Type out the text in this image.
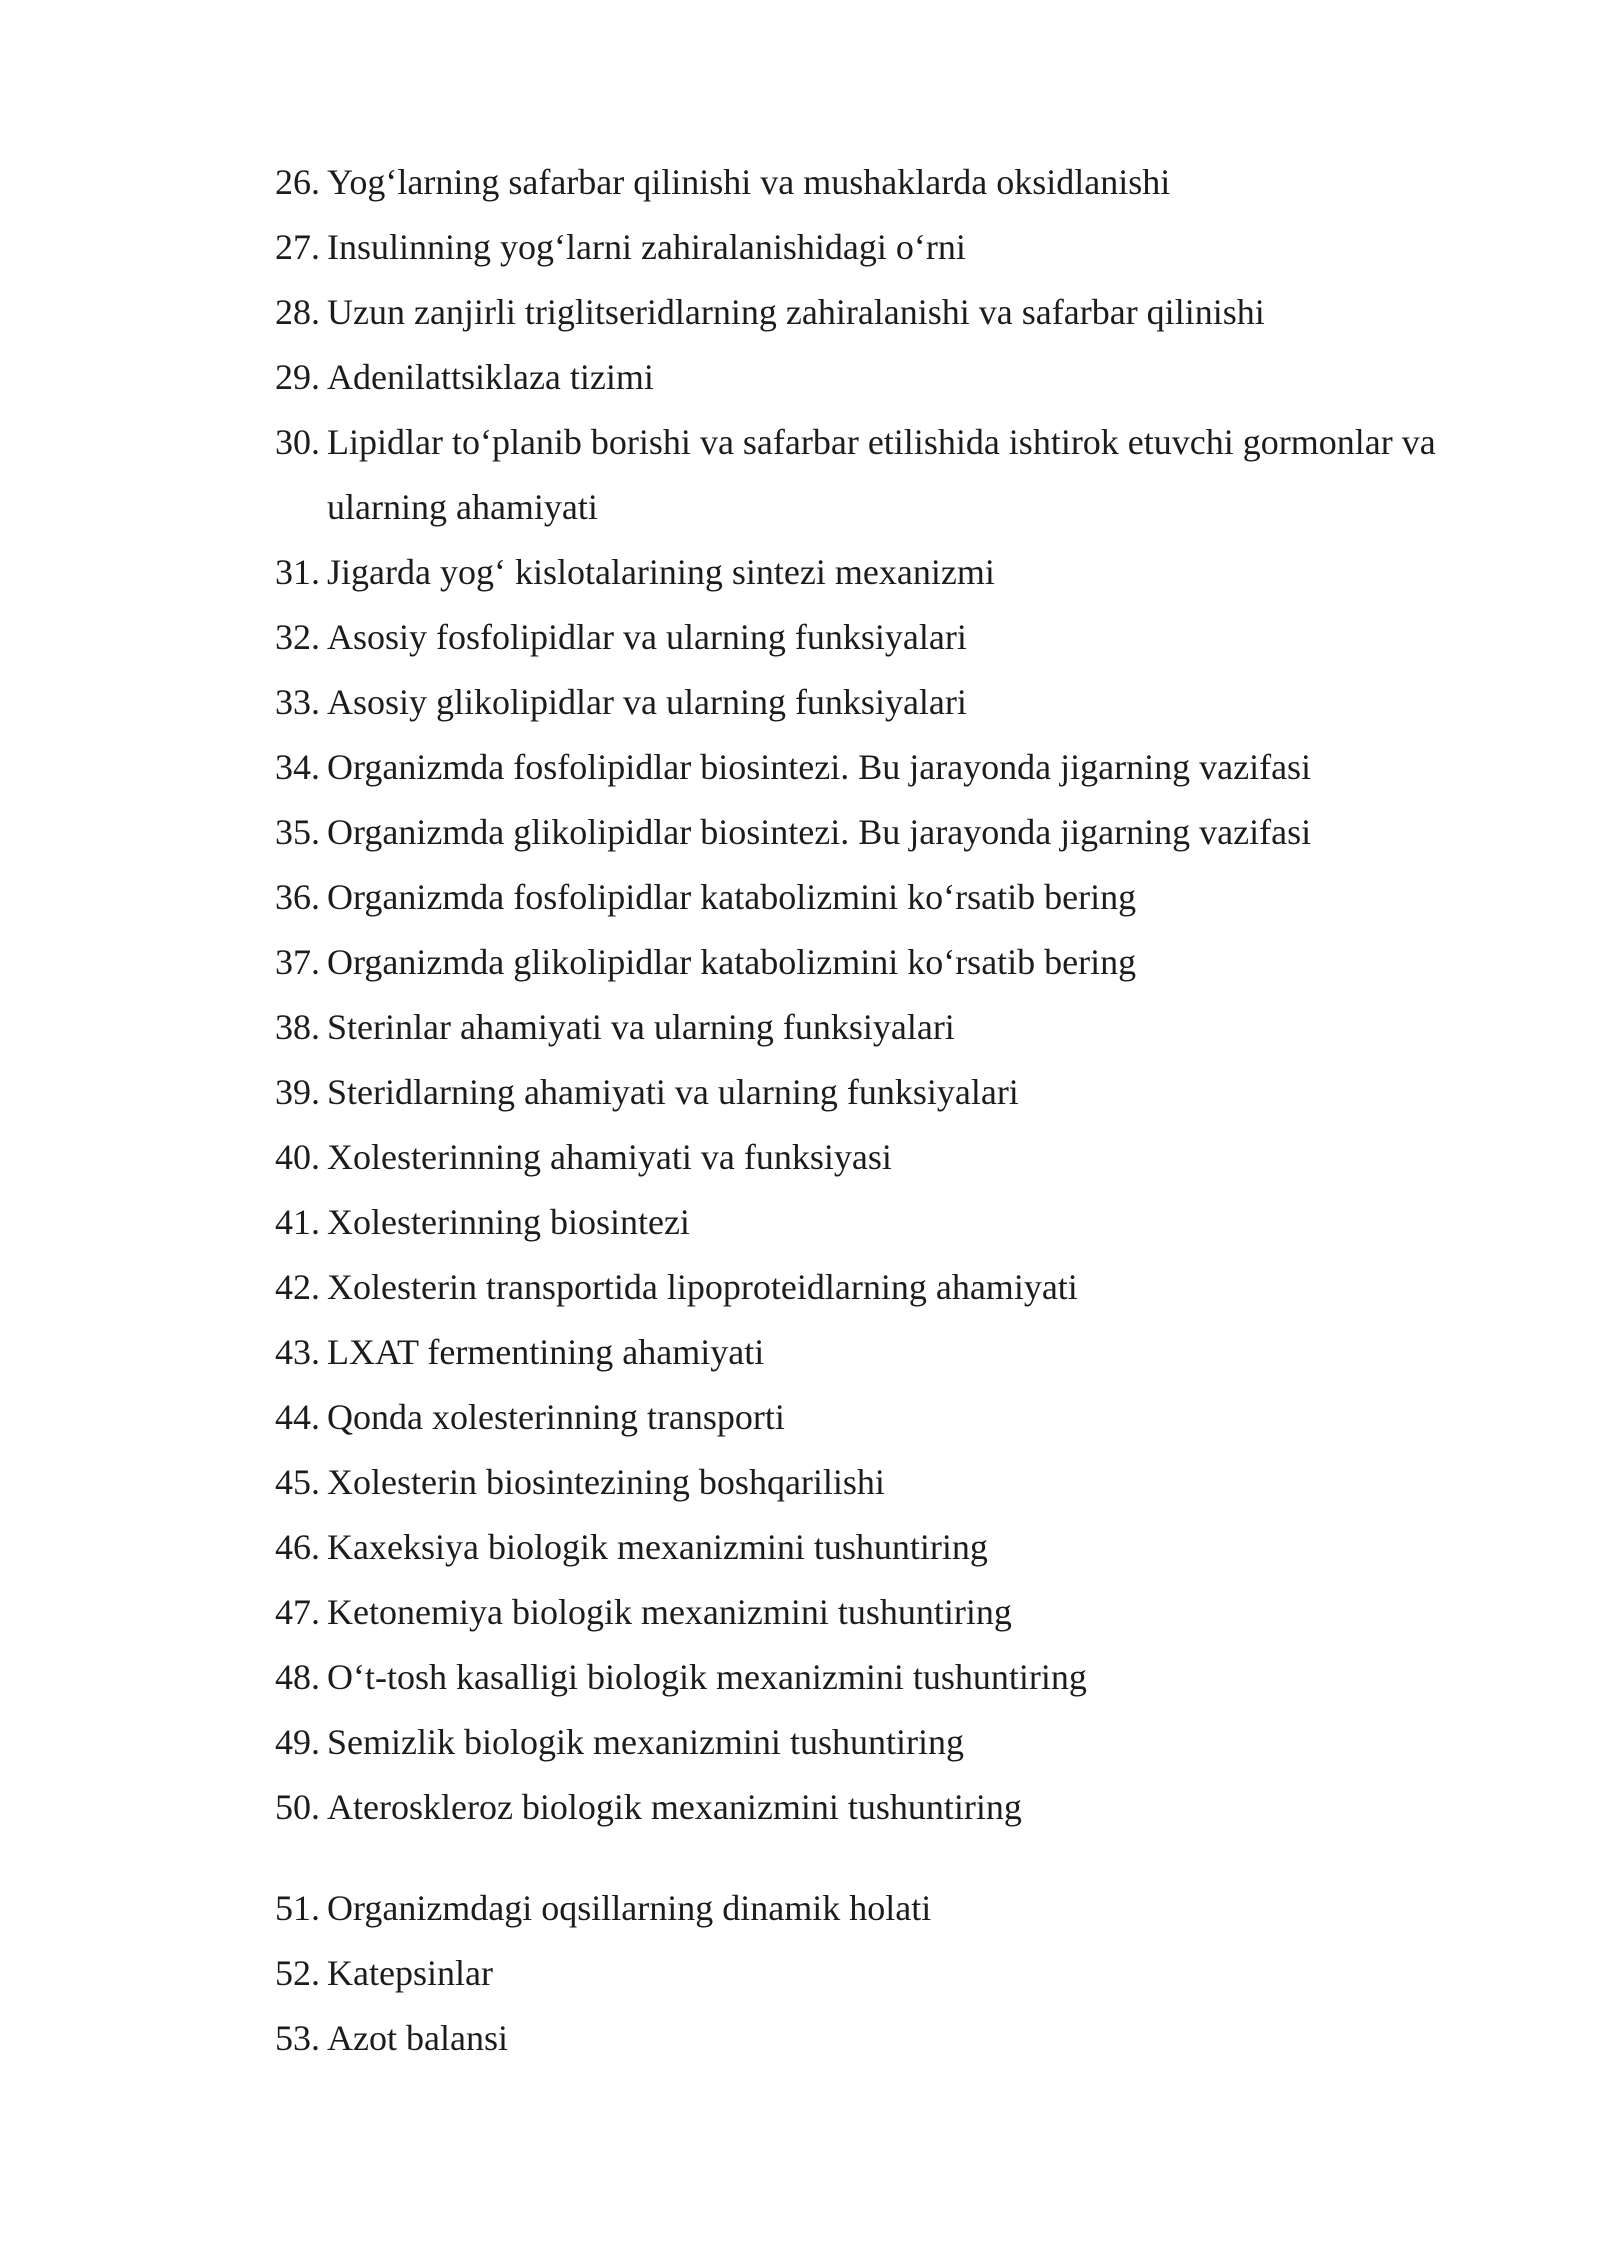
26. Yog‘larning safarbar qilinishi va mushaklarda oksidlanishi
27. Insulinning yog‘larni zahiralanishidagi o‘rni
28. Uzun zanjirli triglitseridlarning zahiralanishi va safarbar qilinishi
29. Adenilattsiklaza tizimi
30. Lipidlar to‘planib borishi va safarbar etilishida ishtirok etuvchi gormonlar va ularning ahamiyati
31. Jigarda yog‘ kislotalarining sintezi mexanizmi
32. Asosiy fosfolipidlar va ularning funksiyalari
33. Asosiy glikolipidlar va ularning funksiyalari
34. Organizmda fosfolipidlar biosintezi. Bu jarayonda jigarning vazifasi
35. Organizmda glikolipidlar biosintezi. Bu jarayonda jigarning vazifasi
36. Organizmda fosfolipidlar katabolizmini ko‘rsatib bering
37. Organizmda glikolipidlar katabolizmini ko‘rsatib bering
38. Sterinlar ahamiyati va ularning funksiyalari
39. Steridlarning ahamiyati va ularning funksiyalari
40. Xolesterinning ahamiyati va funksiyasi
41. Xolesterinning biosintezi
42. Xolesterin transportida lipoproteidlarning ahamiyati
43. LXAT fermentining ahamiyati
44. Qonda xolesterinning transporti
45. Xolesterin biosintezining boshqarilishi
46. Kaxeksiya biologik mexanizmini tushuntiring
47. Ketonemiya biologik mexanizmini tushuntiring
48. O‘t-tosh kasalligi biologik mexanizmini tushuntiring
49. Semizlik biologik mexanizmini tushuntiring
50. Ateroskleroz biologik mexanizmini tushuntiring
51. Organizmdagi oqsillarning dinamik holati
52. Katepsinlar
53. Azot balansi
